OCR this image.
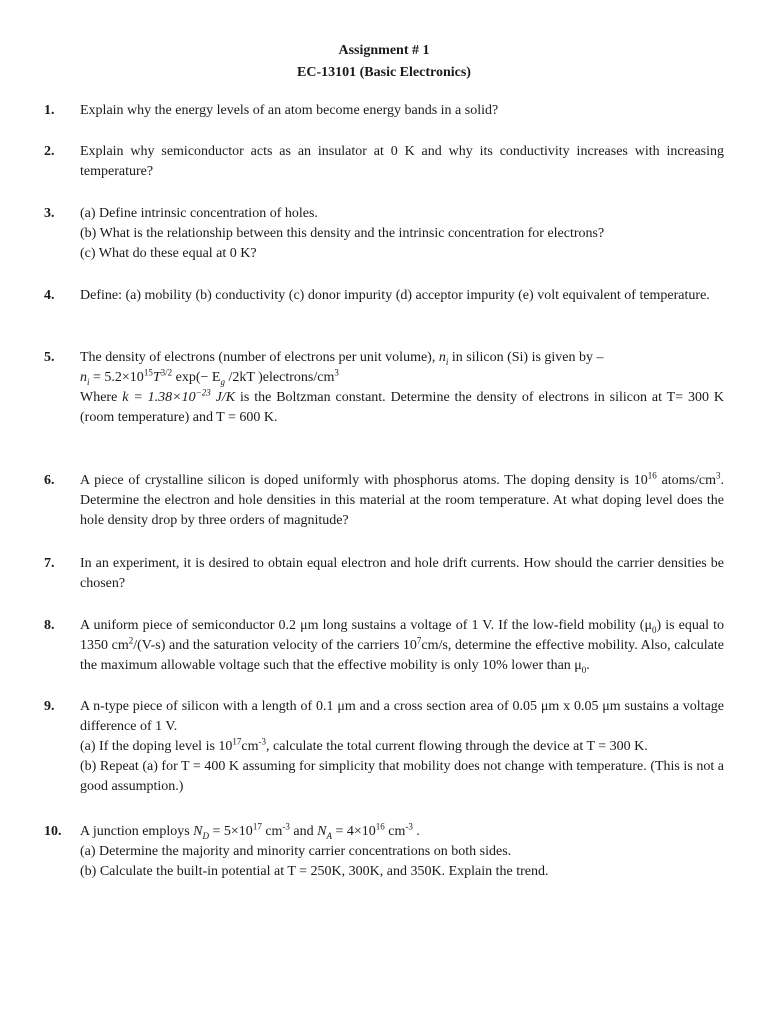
Assignment # 1
EC-13101 (Basic Electronics)
1. Explain why the energy levels of an atom become energy bands in a solid?

2. Explain why semiconductor acts as an insulator at 0 K and why its conductivity increases with increasing temperature?

3. (a) Define intrinsic concentration of holes.

(b) What is the relationship between this density and the intrinsic concentration for electrons?

(c) What do these equal at 0 K?

4. Define: (a) mobility (b) conductivity (c) donor impurity (d) acceptor impurity (e) volt equivalent of temperature.

5. The density of electrons (number of electrons per unit volume), $n_i$ in silicon (Si) is given by –

$n_i = 5.2\times 10^{15}T^{3/2}$ $\exp(- E_g$ /2kT )$electrons/cm^3$

Where $k = 1.38\times 10^{-23}$ J/K is the Boltzman constant. Determine the density of electrons in silicon at T= 300 K (room temperature) and T = 600 K.

6. A piece of crystalline silicon is doped uniformly with phosphorus atoms. The doping density is $10^{16}$ atoms/$cm^3$. Determine the electron and hole densities in this material at the room temperature. At what doping level does the hole density drop by three orders of magnitude?

7. In an experiment, it is desired to obtain equal electron and hole drift currents. How should the carrier densities be chosen?

8. A uniform piece of semiconductor 0.2 μm long sustains a voltage of 1 V. If the low-field mobility $(\mu_0)$ is equal to 1350 $cm^2/(V-s)$ and the saturation velocity of the carriers $10^7cm/s$, determine the effective mobility. Also, calculate the maximum allowable voltage such that the effective mobility is only 10% lower than $\mu_0$.

9. A n-type piece of silicon with a length of 0.1 μm and a cross section area of 0.05 μm x 0.05 μm sustains a voltage difference of 1 V.

(a) If the doping level is $10^{17}cm^{-3}$, calculate the total current flowing through the device at T = 300 K.

(b) Repeat (a) for T = 400 K assuming for simplicity that mobility does not change with temperature. (This is not a good assumption.)

10. A junction employs $N_D = 5\times 10^{17}$ $cm^{-3}$ and $N_A = 4\times 10^{16}$ $cm^{-3}$ .

(a) Determine the majority and minority carrier concentrations on both sides.

(b) Calculate the built-in potential at T = 250K, 300K, and 350K. Explain the trend.
